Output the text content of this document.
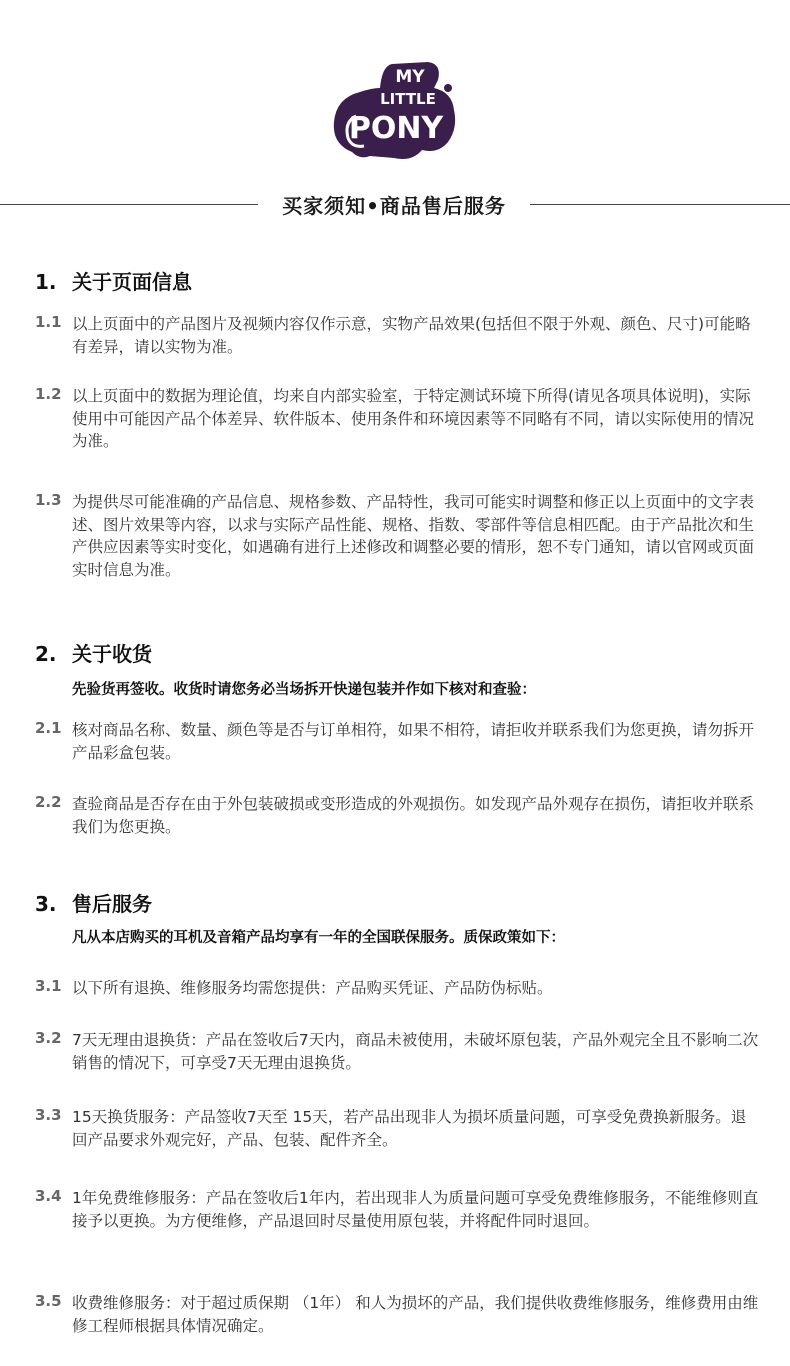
MY
LITTLE
PONY
买家须知•商品售后服务
1. 关于页面信息
1.1 以上页面中的产品图片及视频内容仅作示意，实物产品效果(包括但不限于外观、颜色、尺寸)可能略有差异，请以实物为准。
1.2 以上页面中的数据为理论值，均来自内部实验室，于特定测试环境下所得(请见各项具体说明)，实际使用中可能因产品个体差异、软件版本、使用条件和环境因素等不同略有不同，请以实际使用的情况为准。
1.3 为提供尽可能准确的产品信息、规格参数、产品特性，我司可能实时调整和修正以上页面中的文字表述、图片效果等内容，以求与实际产品性能、规格、指数、零部件等信息相匹配。由于产品批次和生产供应因素等实时变化，如遇确有进行上述修改和调整必要的情形，恕不专门通知，请以官网或页面实时信息为准。
2. 关于收货
先验货再签收。收货时请您务必当场拆开快递包装并作如下核对和查验：
2.1 核对商品名称、数量、颜色等是否与订单相符，如果不相符，请拒收并联系我们为您更换，请勿拆开产品彩盒包装。
2.2 查验商品是否存在由于外包装破损或变形造成的外观损伤。如发现产品外观存在损伤，请拒收并联系我们为您更换。
3. 售后服务
凡从本店购买的耳机及音箱产品均享有一年的全国联保服务。质保政策如下：
3.1 以下所有退换、维修服务均需您提供：产品购买凭证、产品防伪标贴。
3.2 7天无理由退换货：产品在签收后7天内，商品未被使用，未破坏原包装，产品外观完全且不影响二次销售的情况下，可享受7天无理由退换货。
3.3 15天换货服务：产品签收7天至 15天，若产品出现非人为损坏质量问题，可享受免费换新服务。退回产品要求外观完好，产品、包装、配件齐全。
3.4 1年免费维修服务：产品在签收后1年内，若出现非人为质量问题可享受免费维修服务，不能维修则直接予以更换。为方便维修，产品退回时尽量使用原包装，并将配件同时退回。
3.5 收费维修服务：对于超过质保期 （1年） 和人为损坏的产品，我们提供收费维修服务，维修费用由维修工程师根据具体情况确定。
